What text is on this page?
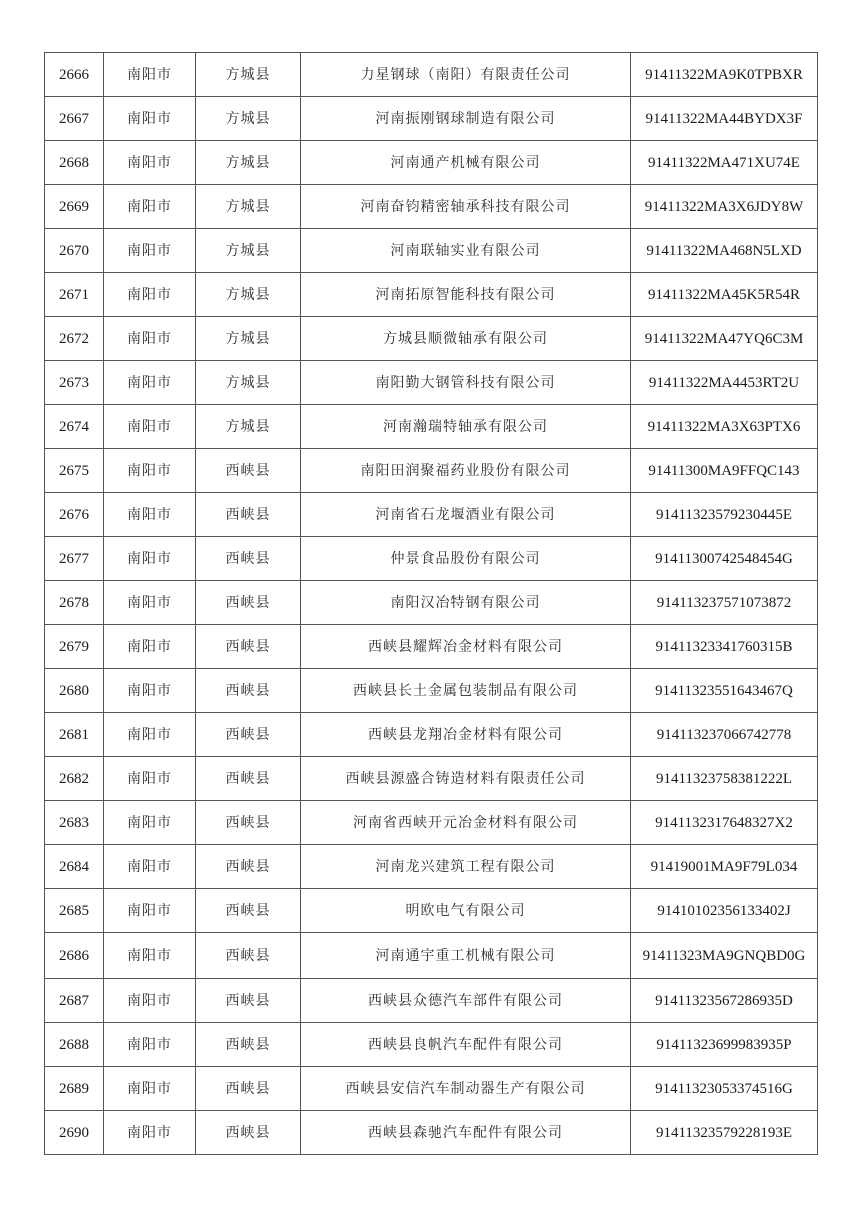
2666	南阳市	方城县	力星钢球（南阳）有限责任公司	91411322MA9K0TPBXR
2667	南阳市	方城县	河南振刚钢球制造有限公司	91411322MA44BYDX3F
2668	南阳市	方城县	河南通产机械有限公司	91411322MA471XU74E
2669	南阳市	方城县	河南奋钧精密轴承科技有限公司	91411322MA3X6JDY8W
2670	南阳市	方城县	河南联轴实业有限公司	91411322MA468N5LXD
2671	南阳市	方城县	河南拓原智能科技有限公司	91411322MA45K5R54R
2672	南阳市	方城县	方城县顺微轴承有限公司	91411322MA47YQ6C3M
2673	南阳市	方城县	南阳勤大钢管科技有限公司	91411322MA4453RT2U
2674	南阳市	方城县	河南瀚瑞特轴承有限公司	91411322MA3X63PTX6
2675	南阳市	西峡县	南阳田润聚福药业股份有限公司	91411300MA9FFQC143
2676	南阳市	西峡县	河南省石龙堰酒业有限公司	91411323579230445E
2677	南阳市	西峡县	仲景食品股份有限公司	91411300742548454G
2678	南阳市	西峡县	南阳汉冶特钢有限公司	914113237571073872
2679	南阳市	西峡县	西峡县耀辉冶金材料有限公司	91411323341760315B
2680	南阳市	西峡县	西峡县长土金属包装制品有限公司	91411323551643467Q
2681	南阳市	西峡县	西峡县龙翔冶金材料有限公司	914113237066742778
2682	南阳市	西峡县	西峡县源盛合铸造材料有限责任公司	91411323758381222L
2683	南阳市	西峡县	河南省西峡开元冶金材料有限公司	9141132317648327X2
2684	南阳市	西峡县	河南龙兴建筑工程有限公司	91419001MA9F79L034
2685	南阳市	西峡县	明欧电气有限公司	91410102356133402J
2686	南阳市	西峡县	河南通宇重工机械有限公司	91411323MA9GNQBD0G
2687	南阳市	西峡县	西峡县众德汽车部件有限公司	91411323567286935D
2688	南阳市	西峡县	西峡县良帆汽车配件有限公司	91411323699983935P
2689	南阳市	西峡县	西峡县安信汽车制动器生产有限公司	91411323053374516G
2690	南阳市	西峡县	西峡县森驰汽车配件有限公司	91411323579228193E
